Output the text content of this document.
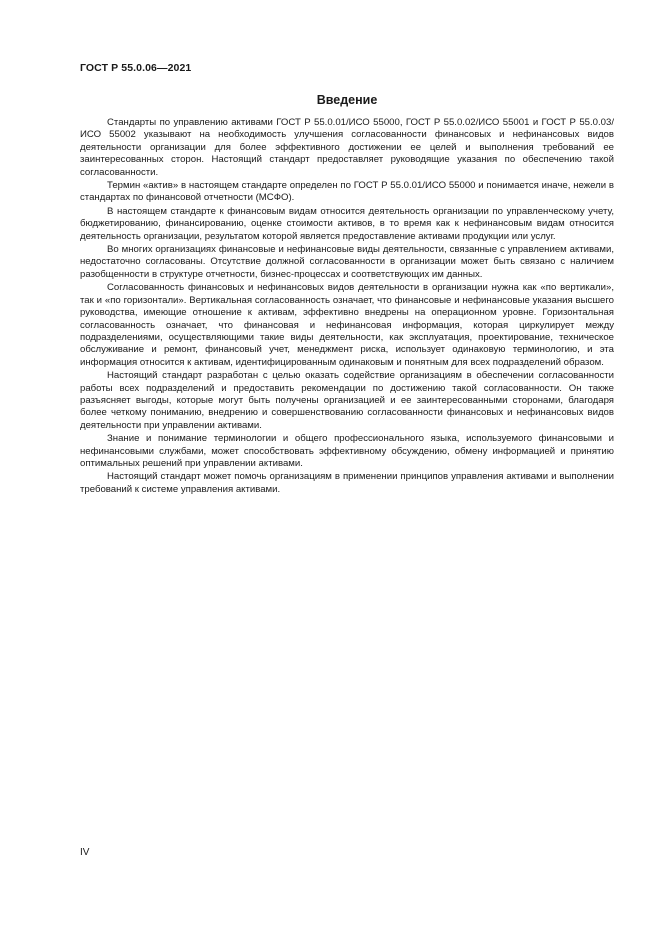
ГОСТ Р 55.0.06—2021
Введение

Стандарты по управлению активами ГОСТ Р 55.0.01/ИСО 55000, ГОСТ Р 55.0.02/ИСО 55001 и ГОСТ Р 55.0.03/ИСО 55002 указывают на необходимость улучшения согласованности финансовых и нефинансовых видов деятельности организации для более эффективного достижении ее целей и выполнения требований ее заинтересованных сторон. Настоящий стандарт предоставляет руководящие указания по обеспечению такой согласованности.

Термин «актив» в настоящем стандарте определен по ГОСТ Р 55.0.01/ИСО 55000 и понимается иначе, нежели в стандартах по финансовой отчетности (МСФО).

В настоящем стандарте к финансовым видам относится деятельность организации по управленческому учету, бюджетированию, финансированию, оценке стоимости активов, в то время как к нефинансовым видам относится деятельность организации, результатом которой является предоставление активами продукции или услуг.

Во многих организациях финансовые и нефинансовые виды деятельности, связанные с управлением активами, недостаточно согласованы. Отсутствие должной согласованности в организации может быть связано с наличием разобщенности в структуре отчетности, бизнес-процессах и соответствующих им данных.

Согласованность финансовых и нефинансовых видов деятельности в организации нужна как «по вертикали», так и «по горизонтали». Вертикальная согласованность означает, что финансовые и нефинансовые указания высшего руководства, имеющие отношение к активам, эффективно внедрены на операционном уровне. Горизонтальная согласованность означает, что финансовая и нефинансовая информация, которая циркулирует между подразделениями, осуществляющими такие виды деятельности, как эксплуатация, проектирование, техническое обслуживание и ремонт, финансовый учет, менеджмент риска, использует одинаковую терминологию, и эта информация относится к активам, идентифицированным одинаковым и понятным для всех подразделений образом.

Настоящий стандарт разработан с целью оказать содействие организациям в обеспечении согласованности работы всех подразделений и предоставить рекомендации по достижению такой согласованности. Он также разъясняет выгоды, которые могут быть получены организацией и ее заинтересованными сторонами, благодаря более четкому пониманию, внедрению и совершенствованию согласованности финансовых и нефинансовых видов деятельности при управлении активами.

Знание и понимание терминологии и общего профессионального языка, используемого финансовыми и нефинансовыми службами, может способствовать эффективному обсуждению, обмену информацией и принятию оптимальных решений при управлении активами.

Настоящий стандарт может помочь организациям в применении принципов управления активами и выполнении требований к системе управления активами.

IV
